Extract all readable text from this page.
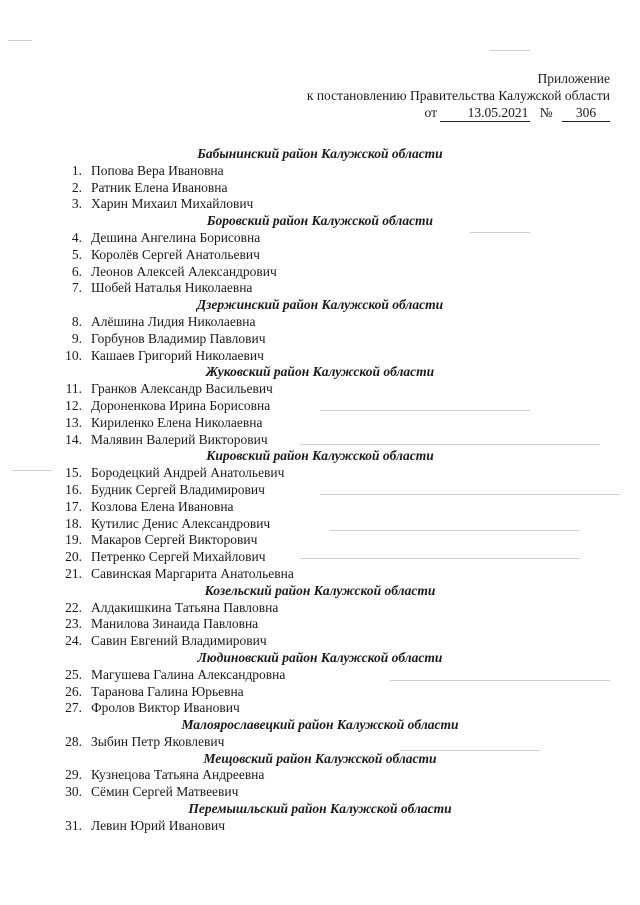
Приложение
к постановлению Правительства Калужской области
от 13.05.2021 № 306
Бабынинский район Калужской области
1. Попова Вера Ивановна
2. Ратник Елена Ивановна
3. Харин Михаил Михайлович
Боровский район Калужской области
4. Дешина Ангелина Борисовна
5. Королёв Сергей Анатольевич
6. Леонов Алексей Александрович
7. Шобей Наталья Николаевна
Дзержинский район Калужской области
8. Алёшина Лидия Николаевна
9. Горбунов Владимир Павлович
10. Кашаев Григорий Николаевич
Жуковский район Калужской области
11. Гранков Александр Васильевич
12. Дороненкова Ирина Борисовна
13. Кириленко Елена Николаевна
14. Малявин Валерий Викторович
Кировский район Калужской области
15. Бородецкий Андрей Анатольевич
16. Будник Сергей Владимирович
17. Козлова Елена Ивановна
18. Кутилис Денис Александрович
19. Макаров Сергей Викторович
20. Петренко Сергей Михайлович
21. Савинская Маргарита Анатольевна
Козельский район Калужской области
22. Алдакишкина Татьяна Павловна
23. Манилова Зинаида Павловна
24. Савин Евгений Владимирович
Людиновский район Калужской области
25. Магушева Галина Александровна
26. Таранова Галина Юрьевна
27. Фролов Виктор Иванович
Малоярославецкий район Калужской области
28. Зыбин Петр Яковлевич
Мещовский район Калужской области
29. Кузнецова Татьяна Андреевна
30. Сёмин Сергей Матвеевич
Перемышльский район Калужской области
31. Левин Юрий Иванович
